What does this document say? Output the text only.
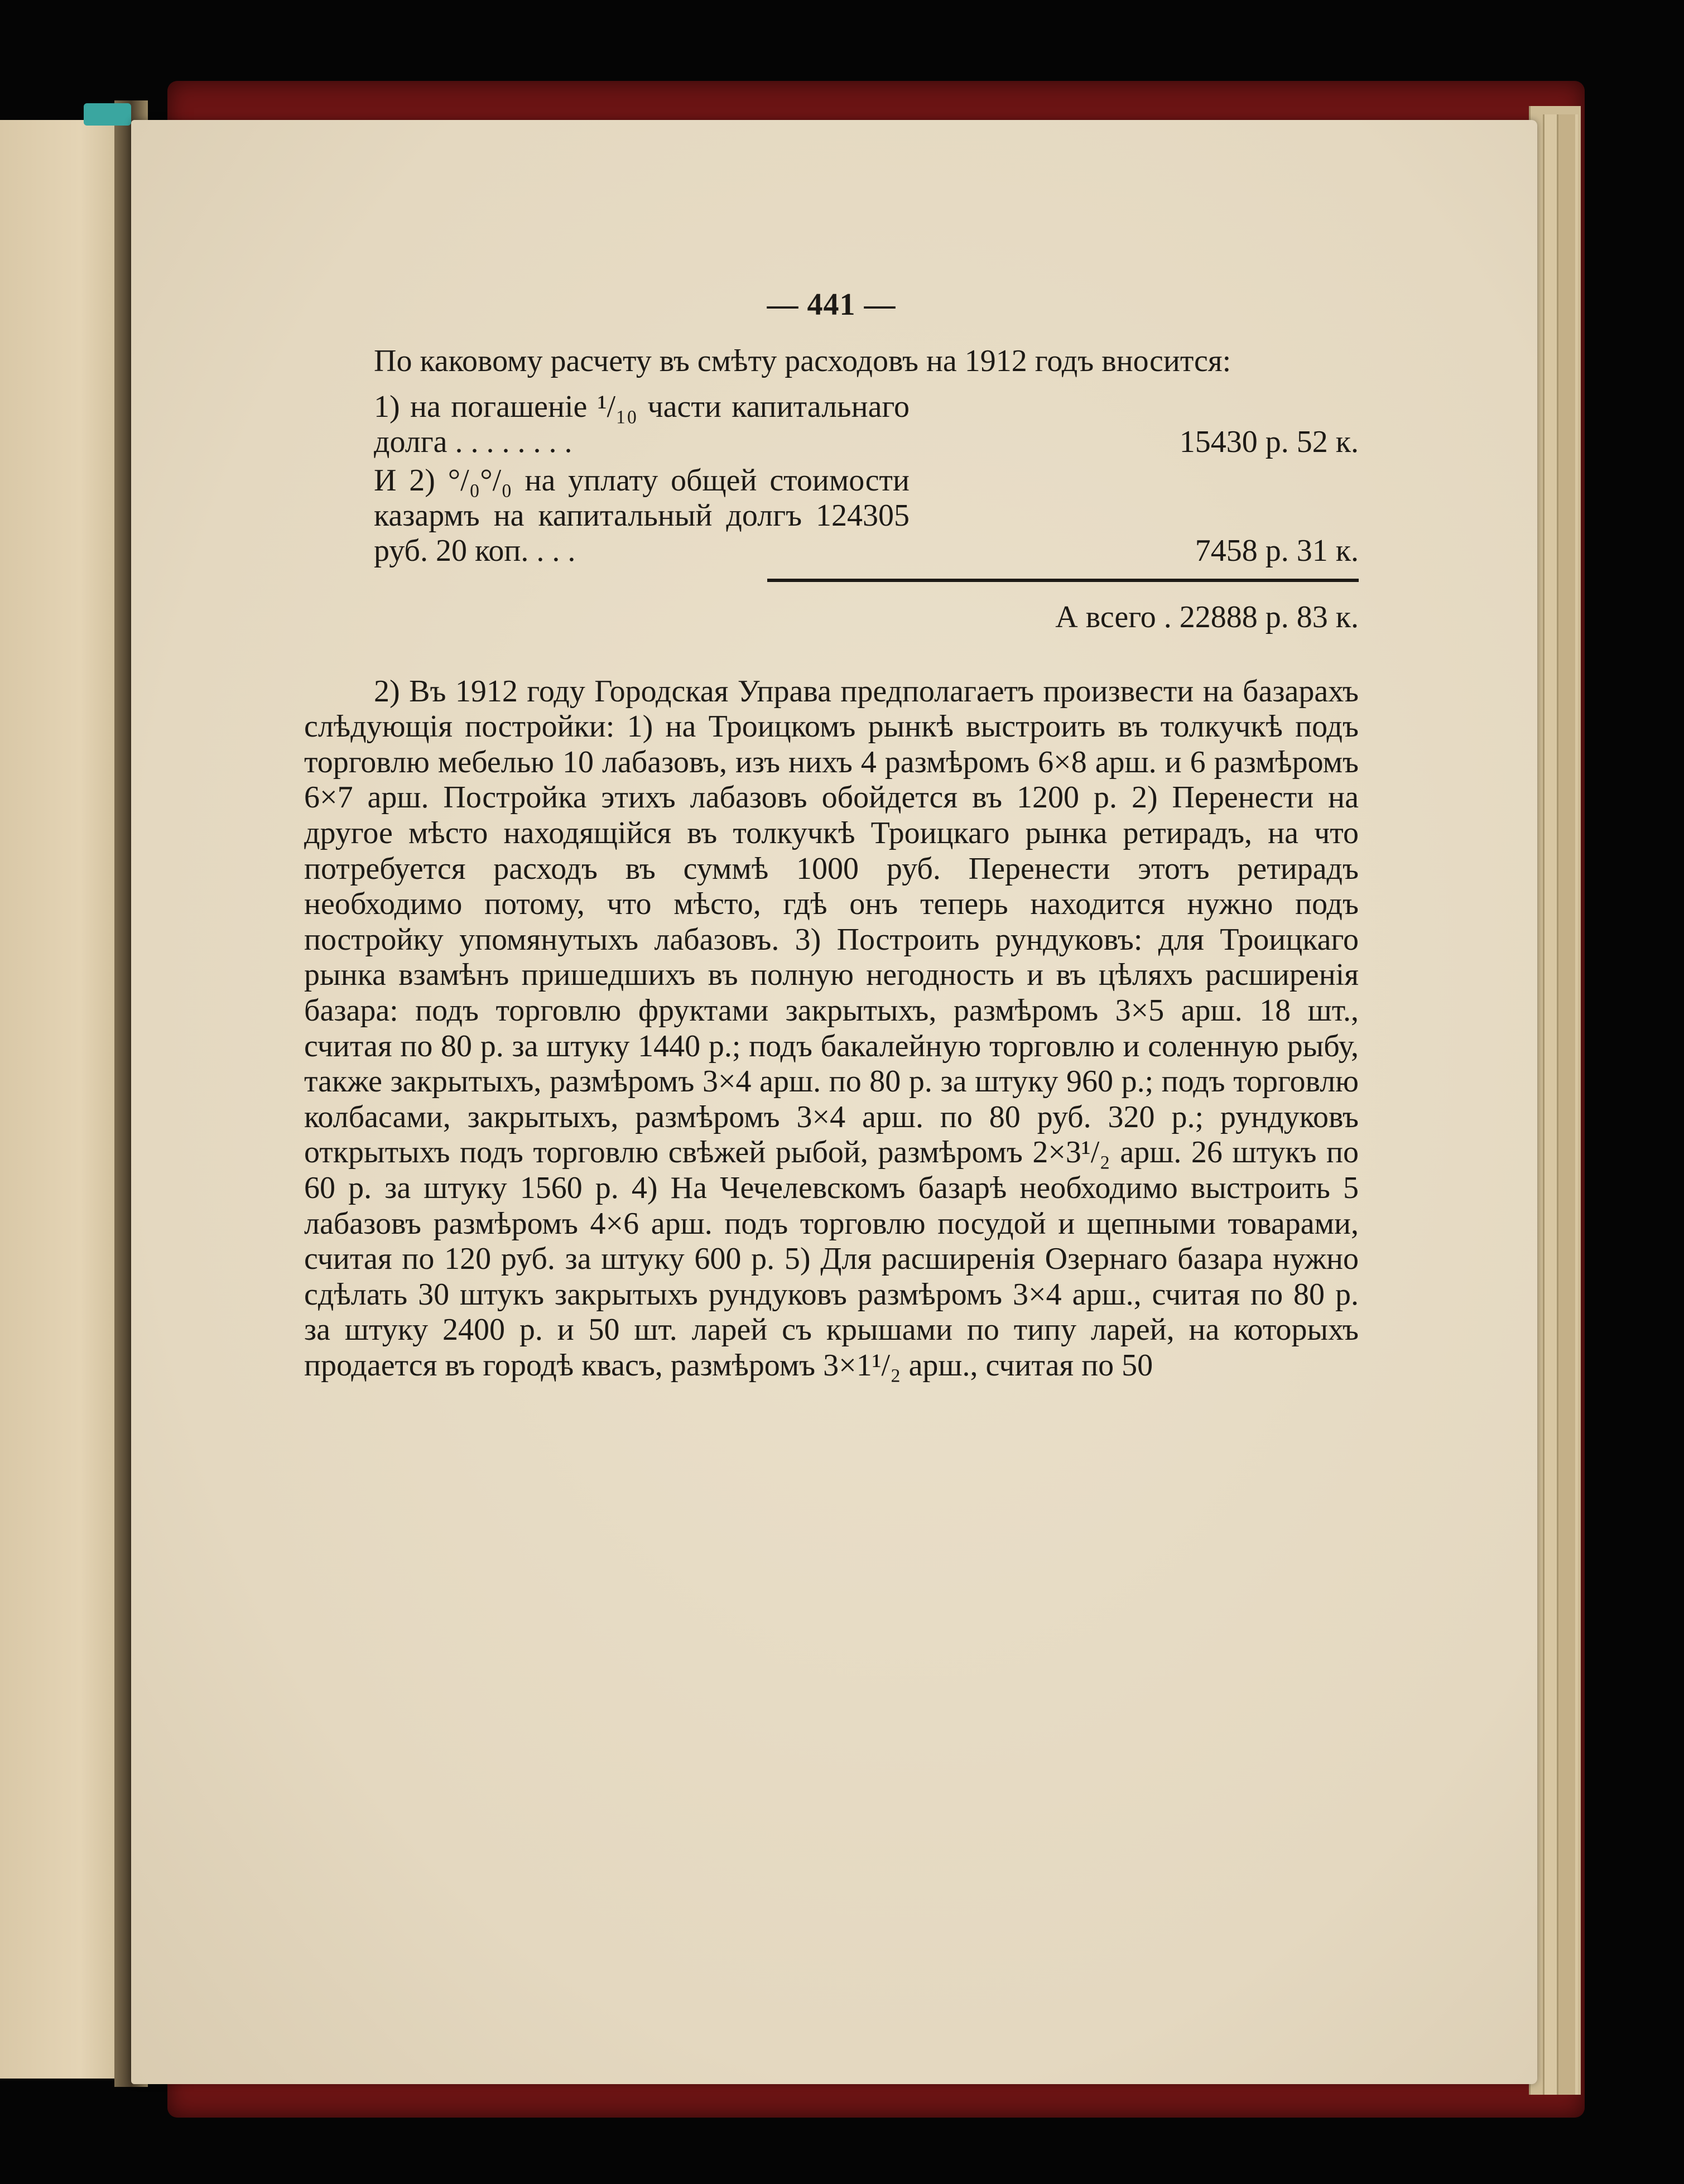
— 441 —

По каковому расчету въ смѣту расходовъ на 1912 годъ вносится:

1) на погашеніе ¹/₁₀ части капитальнаго долга . . . . . . . .	15430 р. 52 к.
И 2) °/₀°/₀ на уплату общей стоимости казармъ на капитальный долгъ 124305 руб. 20 коп. . . .	7458 р. 31 к.
А всего . 22888 р. 83 к.

2) Въ 1912 году Городская Управа предполагаетъ произвести на базарахъ слѣдующія постройки: 1) на Троицкомъ рынкѣ выстроить въ толкучкѣ подъ торговлю мебелью 10 лабазовъ, изъ нихъ 4 размѣромъ 6×8 арш. и 6 размѣромъ 6×7 арш. Постройка этихъ лабазовъ обойдется въ 1200 р. 2) Перенести на другое мѣсто находящійся въ толкучкѣ Троицкаго рынка ретирадъ, на что потребуется расходъ въ суммѣ 1000 руб. Перенести этотъ ретирадъ необходимо потому, что мѣсто, гдѣ онъ теперь находится нужно подъ постройку упомянутыхъ лабазовъ. 3) Построить рундуковъ: для Троицкаго рынка взамѣнъ пришедшихъ въ полную негодность и въ цѣляхъ расширенія базара: подъ торговлю фруктами закрытыхъ, размѣромъ 3×5 арш. 18 шт., считая по 80 р. за штуку 1440 р.; подъ бакалейную торговлю и соленную рыбу, также закрытыхъ, размѣромъ 3×4 арш. по 80 р. за штуку 960 р.; подъ торговлю колбасами, закрытыхъ, размѣромъ 3×4 арш. по 80 руб. 320 р.; рундуковъ открытыхъ подъ торговлю свѣжей рыбой, размѣромъ 2×3¹/₂ арш. 26 штукъ по 60 р. за штуку 1560 р. 4) На Чечелевскомъ базарѣ необходимо выстроить 5 лабазовъ размѣромъ 4×6 арш. подъ торговлю посудой и щепными товарами, считая по 120 руб. за штуку 600 р. 5) Для расширенія Озернаго базара нужно сдѣлать 30 штукъ закрытыхъ рундуковъ размѣромъ 3×4 арш., считая по 80 р. за штуку 2400 р. и 50 шт. ларей съ крышами по типу ларей, на которыхъ продается въ городѣ квасъ, размѣромъ 3×1¹/₂ арш., считая по 50
